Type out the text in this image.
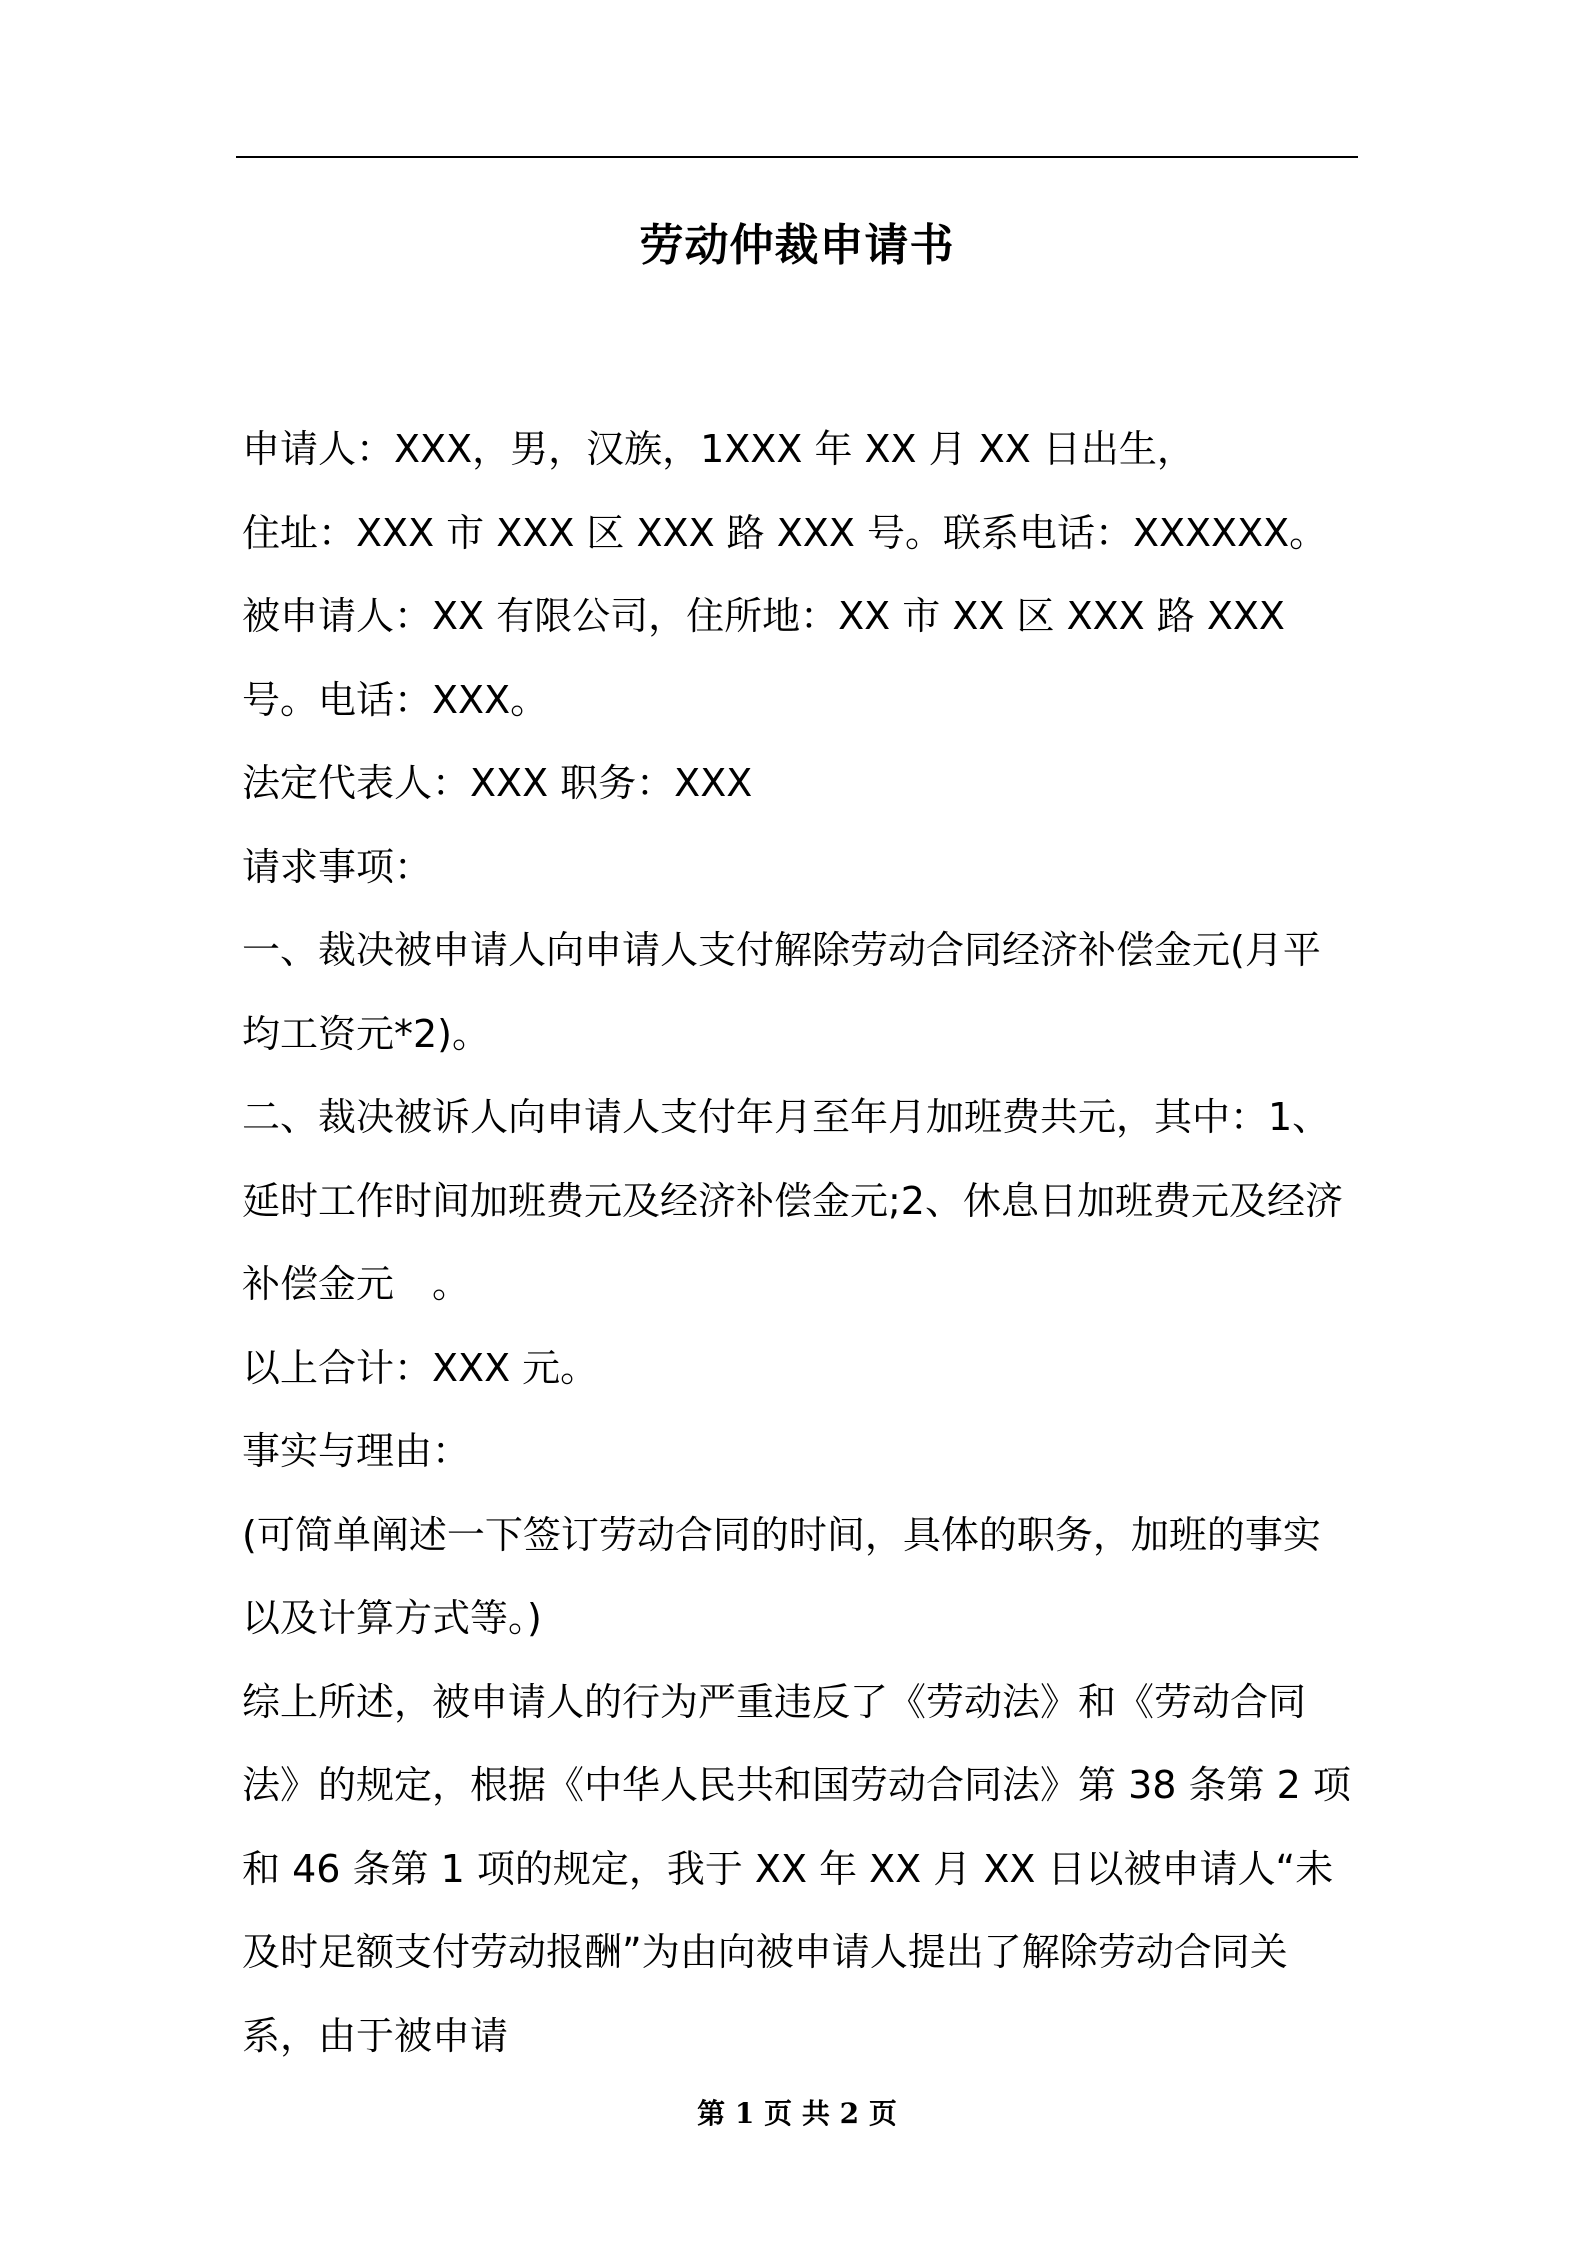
劳动仲裁申请书

申请人：XXX，男，汉族，1XXX 年 XX 月 XX 日出生，

住址：XXX 市 XXX 区 XXX 路 XXX 号。联系电话：XXXXXX。

被申请人：XX 有限公司，住所地：XX 市 XX 区 XXX 路 XXX 号。电话：XXX。

法定代表人：XXX 职务：XXX

请求事项：

一、裁决被申请人向申请人支付解除劳动合同经济补偿金元(月平均工资元*2)。

二、裁决被诉人向申请人支付年月至年月加班费共元，其中：1、延时工作时间加班费元及经济补偿金元;2、休息日加班费元及经济补偿金元　。

以上合计：XXX 元。

事实与理由：

(可简单阐述一下签订劳动合同的时间，具体的职务，加班的事实以及计算方式等。)

综上所述，被申请人的行为严重违反了《劳动法》和《劳动合同法》的规定，根据《中华人民共和国劳动合同法》第 38 条第 2 项和 46 条第 1 项的规定，我于 XX 年 XX 月 XX 日以被申请人“未及时足额支付劳动报酬”为由向被申请人提出了解除劳动合同关系，由于被申请

第 1 页 共 2 页
